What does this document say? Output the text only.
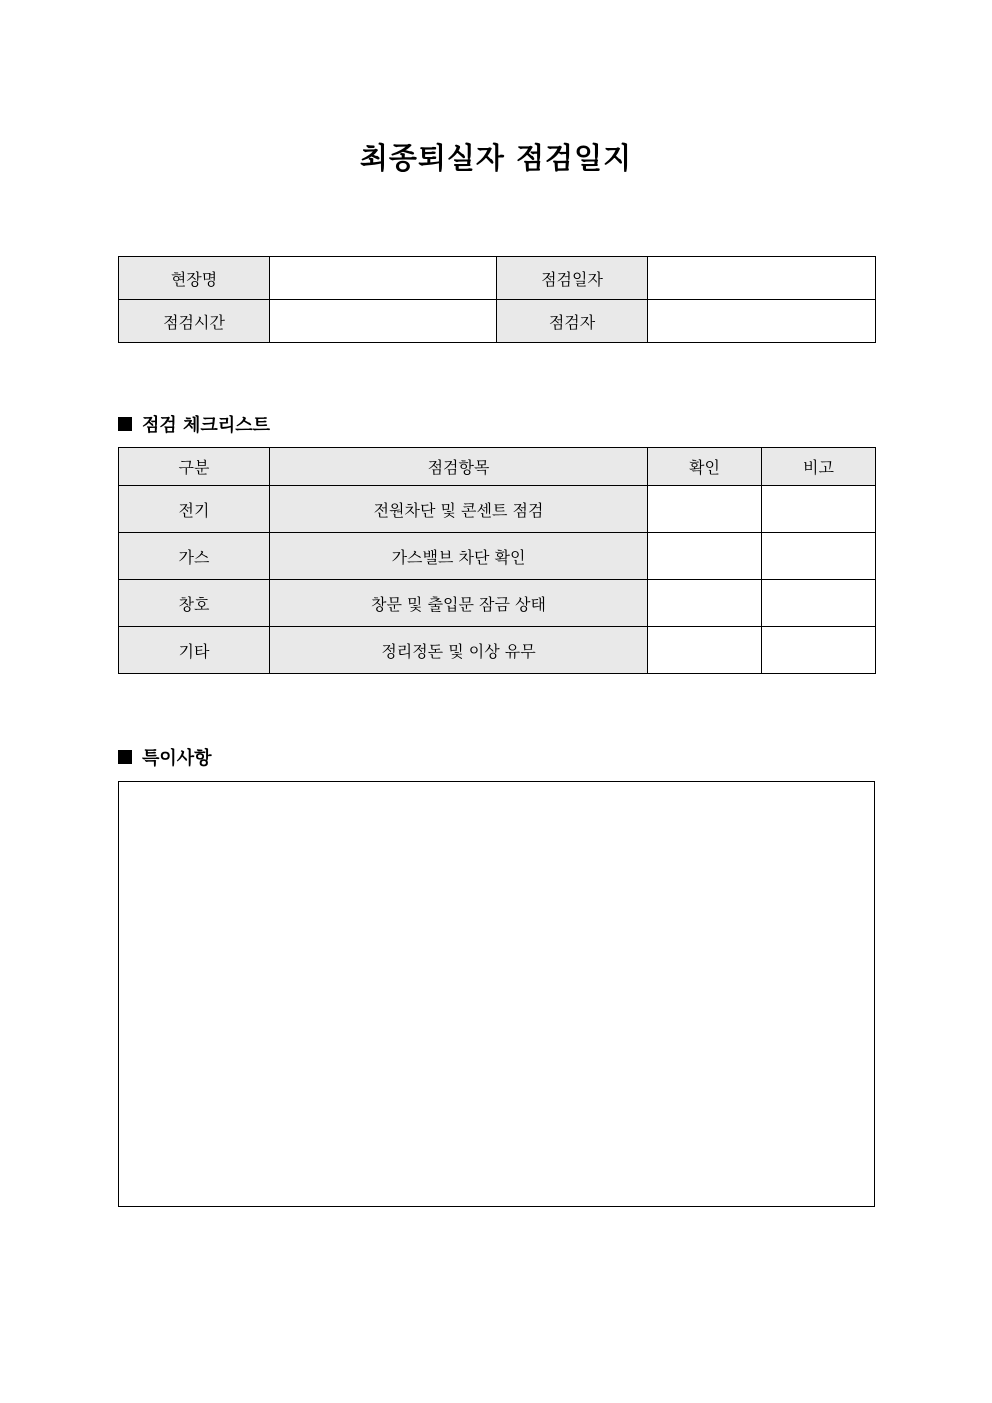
최종퇴실자 점검일지
현장명		점검일자	
점검시간		점검자	
점검 체크리스트
구분	점검항목	확인	비고
전기	전원차단 및 콘센트 점검		
가스	가스밸브 차단 확인		
창호	창문 및 출입문 잠금 상태		
기타	정리정돈 및 이상 유무		
특이사항
